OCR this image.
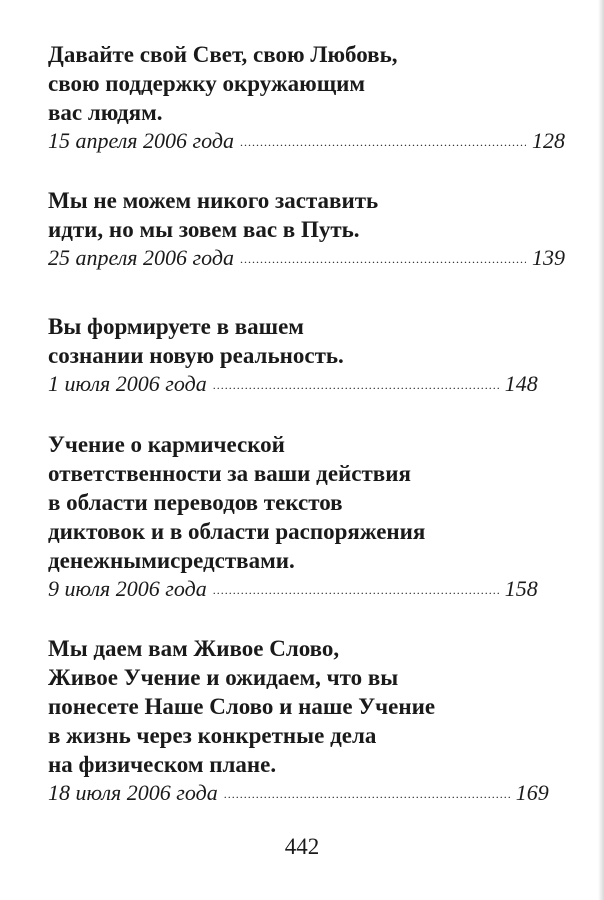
Давайте свой Свет, свою Любовь,
свою поддержку окружающим
вас людям.
15 апреля 2006 года . . .	128
Мы не можем никого заставить
идти, но мы зовем вас в Путь.
25 апреля 2006 года . . .	139
Вы формируете в вашем
сознании новую реальность.
1 июля 2006 года . . .	148
Учение о кармической
ответственности за ваши действия
в области переводов текстов
диктовок и в области распоряжения
денежнымисредствами.
9 июля 2006 года . . .	158
Мы даем вам Живое Слово,
Живое Учение и ожидаем, что вы
понесете Наше Слово и наше Учение
в жизнь через конкретные дела
на физическом плане.
18 июля 2006 года . . .	169
442
